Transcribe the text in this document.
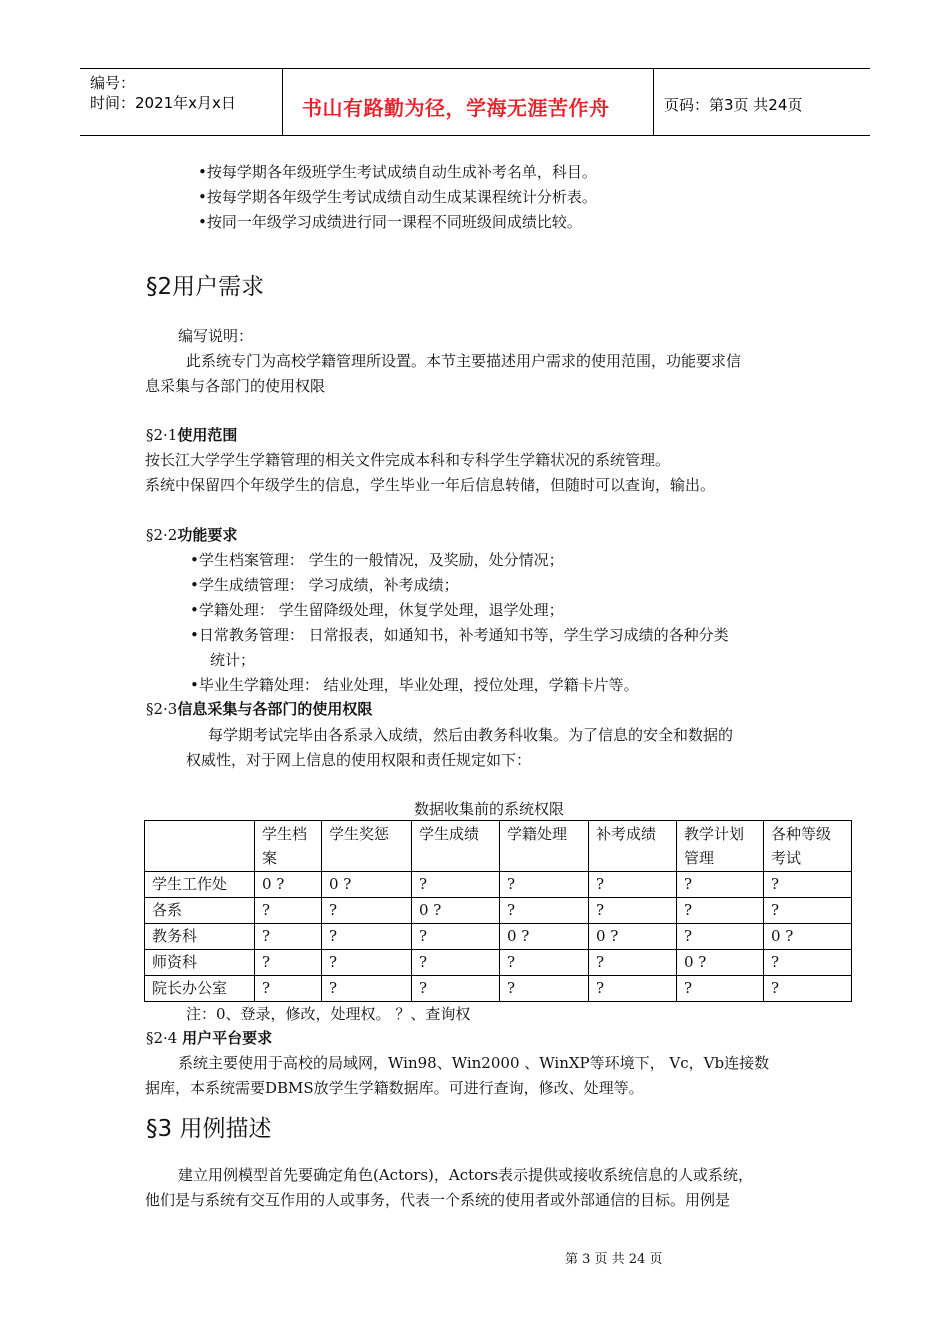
编号：
时间：2021年x月x日	书山有路勤为径，学海无涯苦作舟	页码：第3页 共24页
•按每学期各年级班学生考试成绩自动生成补考名单，科目。
•按每学期各年级学生考试成绩自动生成某课程统计分析表。
•按同一年级学习成绩进行同一课程不同班级间成绩比较。
§2用户需求
编写说明：
此系统专门为高校学籍管理所设置。本节主要描述用户需求的使用范围，功能要求信
息采集与各部门的使用权限
§2·1使用范围
按长江大学学生学籍管理的相关文件完成本科和专科学生学籍状况的系统管理。
系统中保留四个年级学生的信息，学生毕业一年后信息转储，但随时可以查询，输出。
§2·2功能要求
•学生档案管理： 学生的一般情况，及奖励，处分情况；
•学生成绩管理： 学习成绩，补考成绩；
•学籍处理： 学生留降级处理，休复学处理，退学处理；
•日常教务管理： 日常报表，如通知书，补考通知书等，学生学习成绩的各种分类
统计；
•毕业生学籍处理： 结业处理，毕业处理，授位处理，学籍卡片等。
§2·3信息采集与各部门的使用权限
每学期考试完毕由各系录入成绩，然后由教务科收集。为了信息的安全和数据的
权威性，对于网上信息的使用权限和责任规定如下：
数据收集前的系统权限
	学生档案	学生奖惩	学生成绩	学籍处理	补考成绩	教学计划管理	各种等级考试
学生工作处	0 ?	0 ?	?	?	?	?	?
各系	?	?	0 ?	?	?	?	?
教务科	?	?	?	0 ?	0 ?	?	0 ?
师资科	?	?	?	?	?	0 ?	?
院长办公室	?	?	?	?	?	?	?
注：0、登录，修改，处理权。 ？、查询权
§2·4 用户平台要求
系统主要使用于高校的局域网，Win98、Win2000 、WinXP等环境下， Vc，Vb连接数
据库，本系统需要DBMS放学生学籍数据库。可进行查询，修改、处理等。
§3 用例描述
建立用例模型首先要确定角色(Actors)，Actors表示提供或接收系统信息的人或系统，
他们是与系统有交互作用的人或事务，代表一个系统的使用者或外部通信的目标。用例是
第 3 页 共 24 页
